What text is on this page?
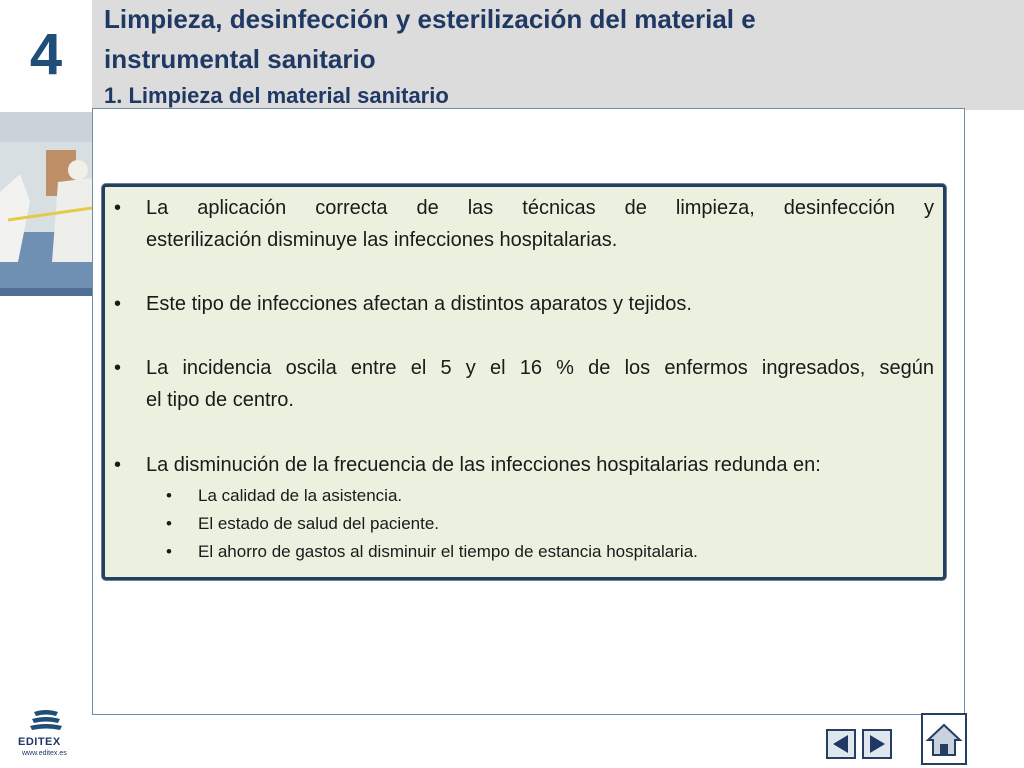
4
Limpieza, desinfección y esterilización del material e
instrumental sanitario
1. Limpieza del material sanitario
• La aplicación correcta de las técnicas de limpieza, desinfección y
esterilización disminuye las infecciones hospitalarias.
• Este tipo de infecciones afectan a distintos aparatos y tejidos.
• La incidencia oscila entre el 5 y el 16 % de los enfermos ingresados, según
el tipo de centro.
• La disminución de la frecuencia de las infecciones hospitalarias redunda en:
• La calidad de la asistencia.
• El estado de salud del paciente.
• El ahorro de gastos al disminuir el tiempo de estancia hospitalaria.
EDITEX
www.editex.es
